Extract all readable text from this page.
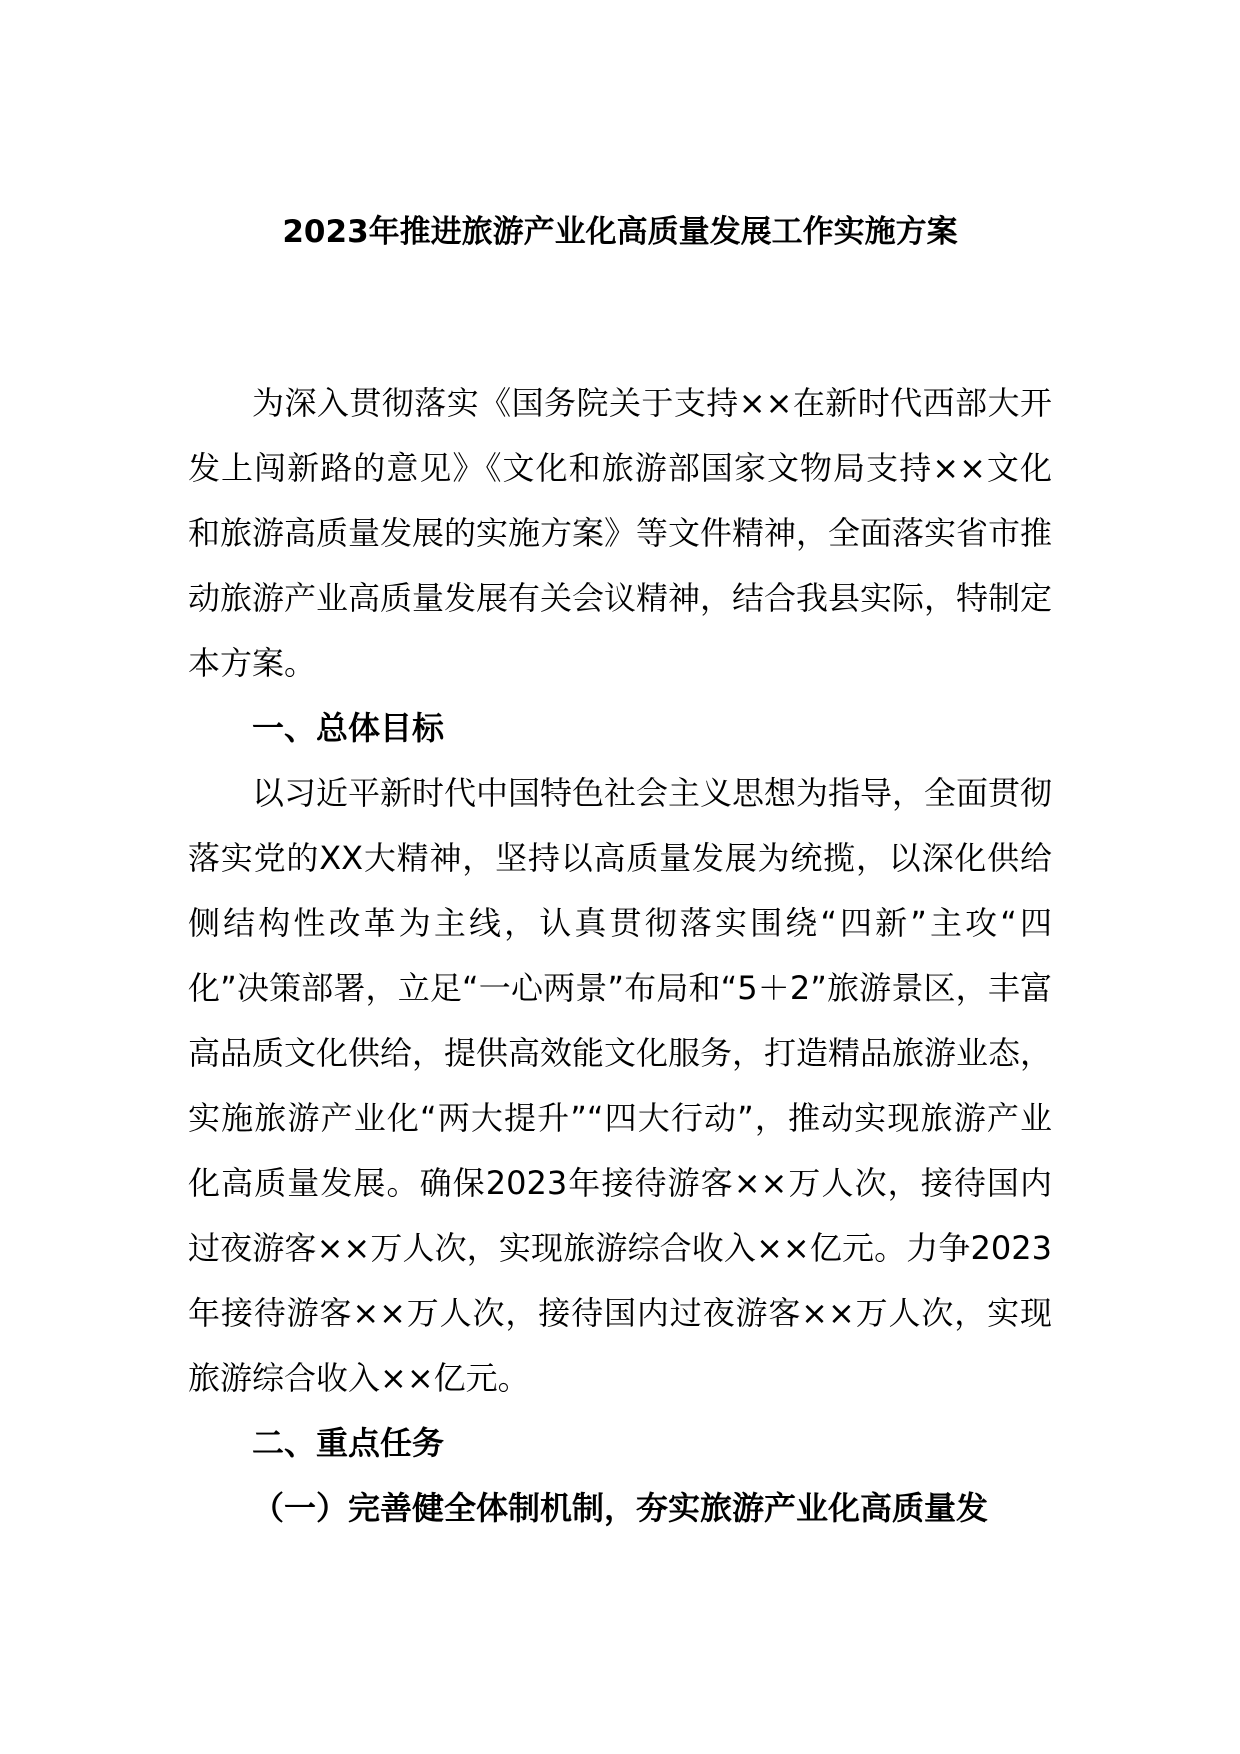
2023年推进旅游产业化高质量发展工作实施方案

为深入贯彻落实《国务院关于支持××在新时代西部大开发上闯新路的意见》《文化和旅游部国家文物局支持××文化和旅游高质量发展的实施方案》等文件精神，全面落实省市推动旅游产业高质量发展有关会议精神，结合我县实际，特制定本方案。

一、总体目标

以习近平新时代中国特色社会主义思想为指导，全面贯彻落实党的XX大精神，坚持以高质量发展为统揽，以深化供给侧结构性改革为主线，认真贯彻落实围绕“四新”主攻“四化”决策部署，立足“一心两景”布局和“5＋2”旅游景区，丰富高品质文化供给，提供高效能文化服务，打造精品旅游业态，实施旅游产业化“两大提升”“四大行动”，推动实现旅游产业化高质量发展。确保2023年接待游客××万人次，接待国内过夜游客××万人次，实现旅游综合收入××亿元。力争2023年接待游客××万人次，接待国内过夜游客××万人次，实现旅游综合收入××亿元。

二、重点任务

（一）完善健全体制机制，夯实旅游产业化高质量发
